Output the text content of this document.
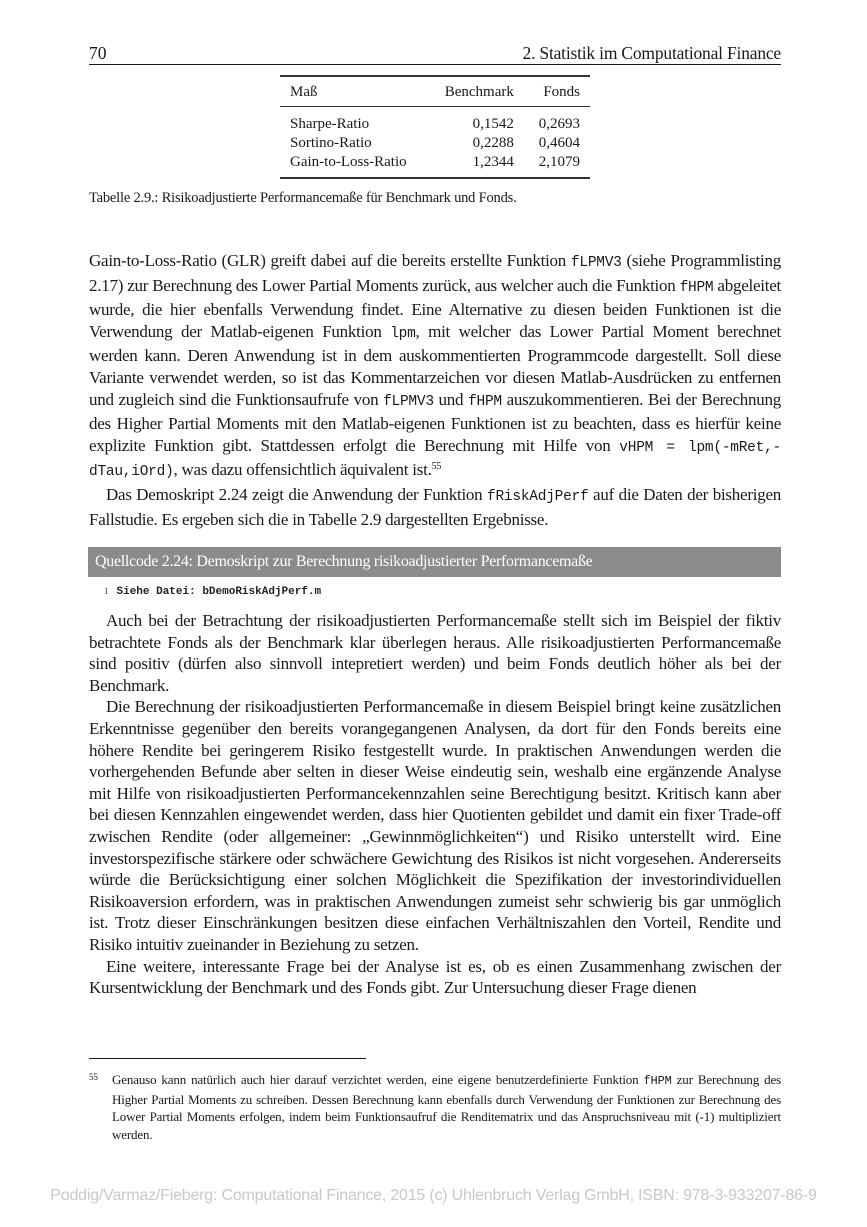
70	2. Statistik im Computational Finance
Maß	Benchmark	Fonds
Sharpe-Ratio	0,1542	0,2693
Sortino-Ratio	0,2288	0,4604
Gain-to-Loss-Ratio	1,2344	2,1079
Tabelle 2.9.: Risikoadjustierte Performancemaße für Benchmark und Fonds.

Gain-to-Loss-Ratio (GLR) greift dabei auf die bereits erstellte Funktion fLPMV3 (siehe Programmlisting 2.17) zur Berechnung des Lower Partial Moments zurück, aus welcher auch die Funktion fHPM abgeleitet wurde, die hier ebenfalls Verwendung findet. Eine Alternative zu diesen beiden Funktionen ist die Verwendung der Matlab-eigenen Funktion lpm, mit welcher das Lower Partial Moment berechnet werden kann. Deren Anwendung ist in dem auskommentierten Programmcode dargestellt. Soll diese Variante verwendet werden, so ist das Kommentarzeichen vor diesen Matlab-Ausdrücken zu entfernen und zugleich sind die Funktionsaufrufe von fLPMV3 und fHPM auszukommentieren. Bei der Berechnung des Higher Partial Moments mit den Matlab-eigenen Funktionen ist zu beachten, dass es hierfür keine explizite Funktion gibt. Stattdessen erfolgt die Berechnung mit Hilfe von vHPM = lpm(-mRet,-dTau,iOrd), was dazu offensichtlich äquivalent ist.$^{55}$

Das Demoskript 2.24 zeigt die Anwendung der Funktion fRiskAdjPerf auf die Daten der bisherigen Fallstudie. Es ergeben sich die in Tabelle 2.9 dargestellten Ergebnisse.

Quellcode 2.24: Demoskript zur Berechnung risikoadjustierter Performancemaße
1 Siehe Datei: bDemoRiskAdjPerf.m

Auch bei der Betrachtung der risikoadjustierten Performancemaße stellt sich im Beispiel der fiktiv betrachtete Fonds als der Benchmark klar überlegen heraus. Alle risikoadjustierten Performancemaße sind positiv (dürfen also sinnvoll intepretiert werden) und beim Fonds deutlich höher als bei der Benchmark.

Die Berechnung der risikoadjustierten Performancemaße in diesem Beispiel bringt keine zusätzlichen Erkenntnisse gegenüber den bereits vorangegangenen Analysen, da dort für den Fonds bereits eine höhere Rendite bei geringerem Risiko festgestellt wurde. In praktischen Anwendungen werden die vorhergehenden Befunde aber selten in dieser Weise eindeutig sein, weshalb eine ergänzende Analyse mit Hilfe von risikoadjustierten Performancekennzahlen seine Berechtigung besitzt. Kritisch kann aber bei diesen Kennzahlen eingewendet werden, dass hier Quotienten gebildet und damit ein fixer Trade-off zwischen Rendite (oder allgemeiner: „Gewinnmöglichkeiten“) und Risiko unterstellt wird. Eine investorspezifische stärkere oder schwächere Gewichtung des Risikos ist nicht vorgesehen. Andererseits würde die Berücksichtigung einer solchen Möglichkeit die Spezifikation der investorindividuellen Risikoaversion erfordern, was in praktischen Anwendungen zumeist sehr schwierig bis gar unmöglich ist. Trotz dieser Einschränkungen besitzen diese einfachen Verhältniszahlen den Vorteil, Rendite und Risiko intuitiv zueinander in Beziehung zu setzen.

Eine weitere, interessante Frage bei der Analyse ist es, ob es einen Zusammenhang zwischen der Kursentwicklung der Benchmark und des Fonds gibt. Zur Untersuchung dieser Frage dienen

55	Genauso kann natürlich auch hier darauf verzichtet werden, eine eigene benutzerdefinierte Funktion fHPM zur Berechnung des Higher Partial Moments zu schreiben. Dessen Berechnung kann ebenfalls durch Verwendung der Funktionen zur Berechnung des Lower Partial Moments erfolgen, indem beim Funktionsaufruf die Renditematrix und das Anspruchsniveau mit (-1) multipliziert werden.
Poddig/Varmaz/Fieberg: Computational Finance, 2015 (c) Uhlenbruch Verlag GmbH, ISBN: 978-3-933207-86-9
